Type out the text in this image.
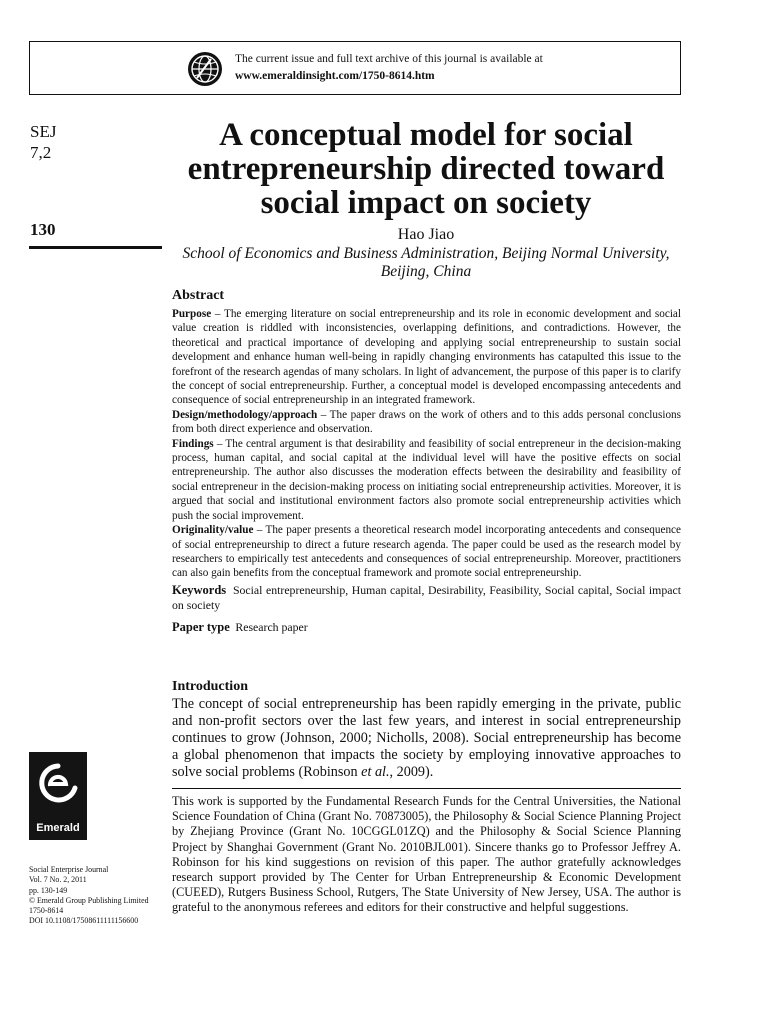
The current issue and full text archive of this journal is available at
www.emeraldinsight.com/1750-8614.htm
SEJ
7,2
130
A conceptual model for social entrepreneurship directed toward social impact on society
Hao Jiao
School of Economics and Business Administration, Beijing Normal University, Beijing, China
Abstract

Purpose – The emerging literature on social entrepreneurship and its role in economic development and social value creation is riddled with inconsistencies, overlapping definitions, and contradictions. However, the theoretical and practical importance of developing and applying social entrepreneurship to sustain social development and enhance human well-being in rapidly changing environments has catapulted this issue to the forefront of the research agendas of many scholars. In light of advancement, the purpose of this paper is to clarify the concept of social entrepreneurship. Further, a conceptual model is developed encompassing antecedents and consequence of social entrepreneurship in an integrated framework.

Design/methodology/approach – The paper draws on the work of others and to this adds personal conclusions from both direct experience and observation.

Findings – The central argument is that desirability and feasibility of social entrepreneur in the decision-making process, human capital, and social capital at the individual level will have the positive effects on social entrepreneurship. The author also discusses the moderation effects between the desirability and feasibility of social entrepreneur in the decision-making process on initiating social entrepreneurship activities. Moreover, it is argued that social and institutional environment factors also promote social entrepreneurship activities which push the social improvement.

Originality/value – The paper presents a theoretical research model incorporating antecedents and consequence of social entrepreneurship to direct a future research agenda. The paper could be used as the research model by researchers to empirically test antecedents and consequences of social entrepreneurship. Moreover, practitioners can also gain benefits from the conceptual framework and promote social entrepreneurship.

Keywords Social entrepreneurship, Human capital, Desirability, Feasibility, Social capital, Social impact on society

Paper type Research paper

Introduction

The concept of social entrepreneurship has been rapidly emerging in the private, public and non-profit sectors over the last few years, and interest in social entrepreneurship continues to grow (Johnson, 2000; Nicholls, 2008). Social entrepreneurship has become a global phenomenon that impacts the society by employing innovative approaches to solve social problems (Robinson et al., 2009).

This work is supported by the Fundamental Research Funds for the Central Universities, the National Science Foundation of China (Grant No. 70873005), the Philosophy & Social Science Planning Project by Zhejiang Province (Grant No. 10CGGL01ZQ) and the Philosophy & Social Science Planning Project by Shanghai Government (Grant No. 2010BJL001). Sincere thanks go to Professor Jeffrey A. Robinson for his kind suggestions on revision of this paper. The author gratefully acknowledges research support provided by The Center for Urban Entrepreneurship & Economic Development (CUEED), Rutgers Business School, Rutgers, The State University of New Jersey, USA. The author is grateful to the anonymous referees and editors for their constructive and helpful suggestions.

Emerald
Social Enterprise Journal
Vol. 7 No. 2, 2011
pp. 130-149
© Emerald Group Publishing Limited
1750-8614
DOI 10.1108/17508611111156600
